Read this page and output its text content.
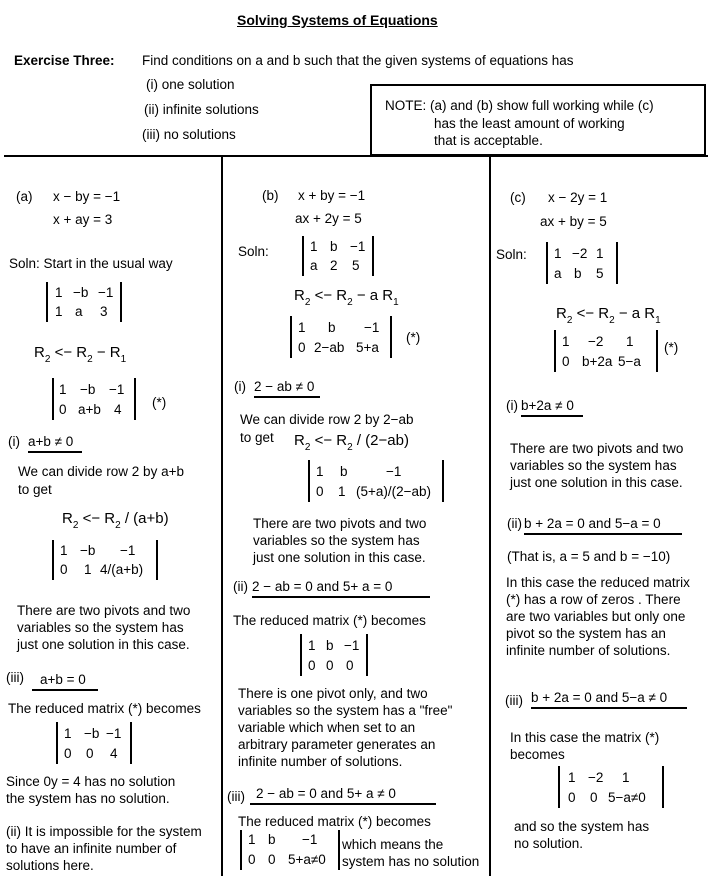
Solving Systems of Equations
Exercise Three: Find conditions on a and b such that the given systems of equations has
(i) one solution
(ii) infinite solutions
(iii) no solutions
NOTE: (a) and (b) show full working while (c)
has the least amount of working
that is acceptable.
(a) x − by = −1
x + ay = 3
Soln: Start in the usual way
1 −b −1
1 a 3
$R_2 <- R_2 - R_1$
1 −b −1
0 a+b 4 (*)
(i) a+b ≠ 0
We can divide row 2 by a+b
to get
$R_2 <- R_2 / (a+b)$
1 −b −1
0 1 4/(a+b)
There are two pivots and two
variables so the system has
just one solution in this case.
(iii)	a+b = 0
The reduced matrix (*) becomes
1 −b −1
0 0 4
Since 0y = 4 has no solution
the system has no solution.
(ii) It is impossible for the system
to have an infinite number of
solutions here.
(b) x + by = −1
ax + 2y = 5
Soln:	1 b −1
a 2 5
$R_2 <- R_2 - a$ $R_1$
1 b −1
0 2−ab 5+a
(*)
(i) 2 − ab ≠ 0
We can divide row 2 by 2−ab
to get $R_2 <- R_2 / (2-ab)$
1 b	−1
0 1 (5+a)/(2−ab)
There are two pivots and two
variables so the system has
just one solution in this case.
(ii) 2 − ab = 0 and 5+ a = 0
The reduced matrix (*) becomes
1 b −1
0 0 0
There is one pivot only, and two
variables so the system has a "free"
variable which when set to an
arbitrary parameter generates an
infinite number of solutions.
(iii) 2 − ab = 0 and 5+ a ≠ 0
The reduced matrix (*) becomes
1 b −1
0 0 5+a≠0
which means the
system has no solution
(c) x − 2y = 1
ax + by = 5
Soln: 1 −2 1
a b 5
$R_2 <- R_2 - a$ $R_1$
1 −2 1
0 b+2a 5−a
(*)
(i) b+2a ≠ 0
There are two pivots and two
variables so the system has
just one solution in this case.
(ii) b + 2a = 0 and 5−a = 0
(That is, a = 5 and b = −10)
In this case the reduced matrix
(*) has a row of zeros . There
are two variables but only one
pivot so the system has an
infinite number of solutions.
(iii) b + 2a = 0 and 5−a ≠ 0
In this case the matrix (*)
becomes
1 −2 1
0 0 5−a≠0
and so the system has
no solution.
